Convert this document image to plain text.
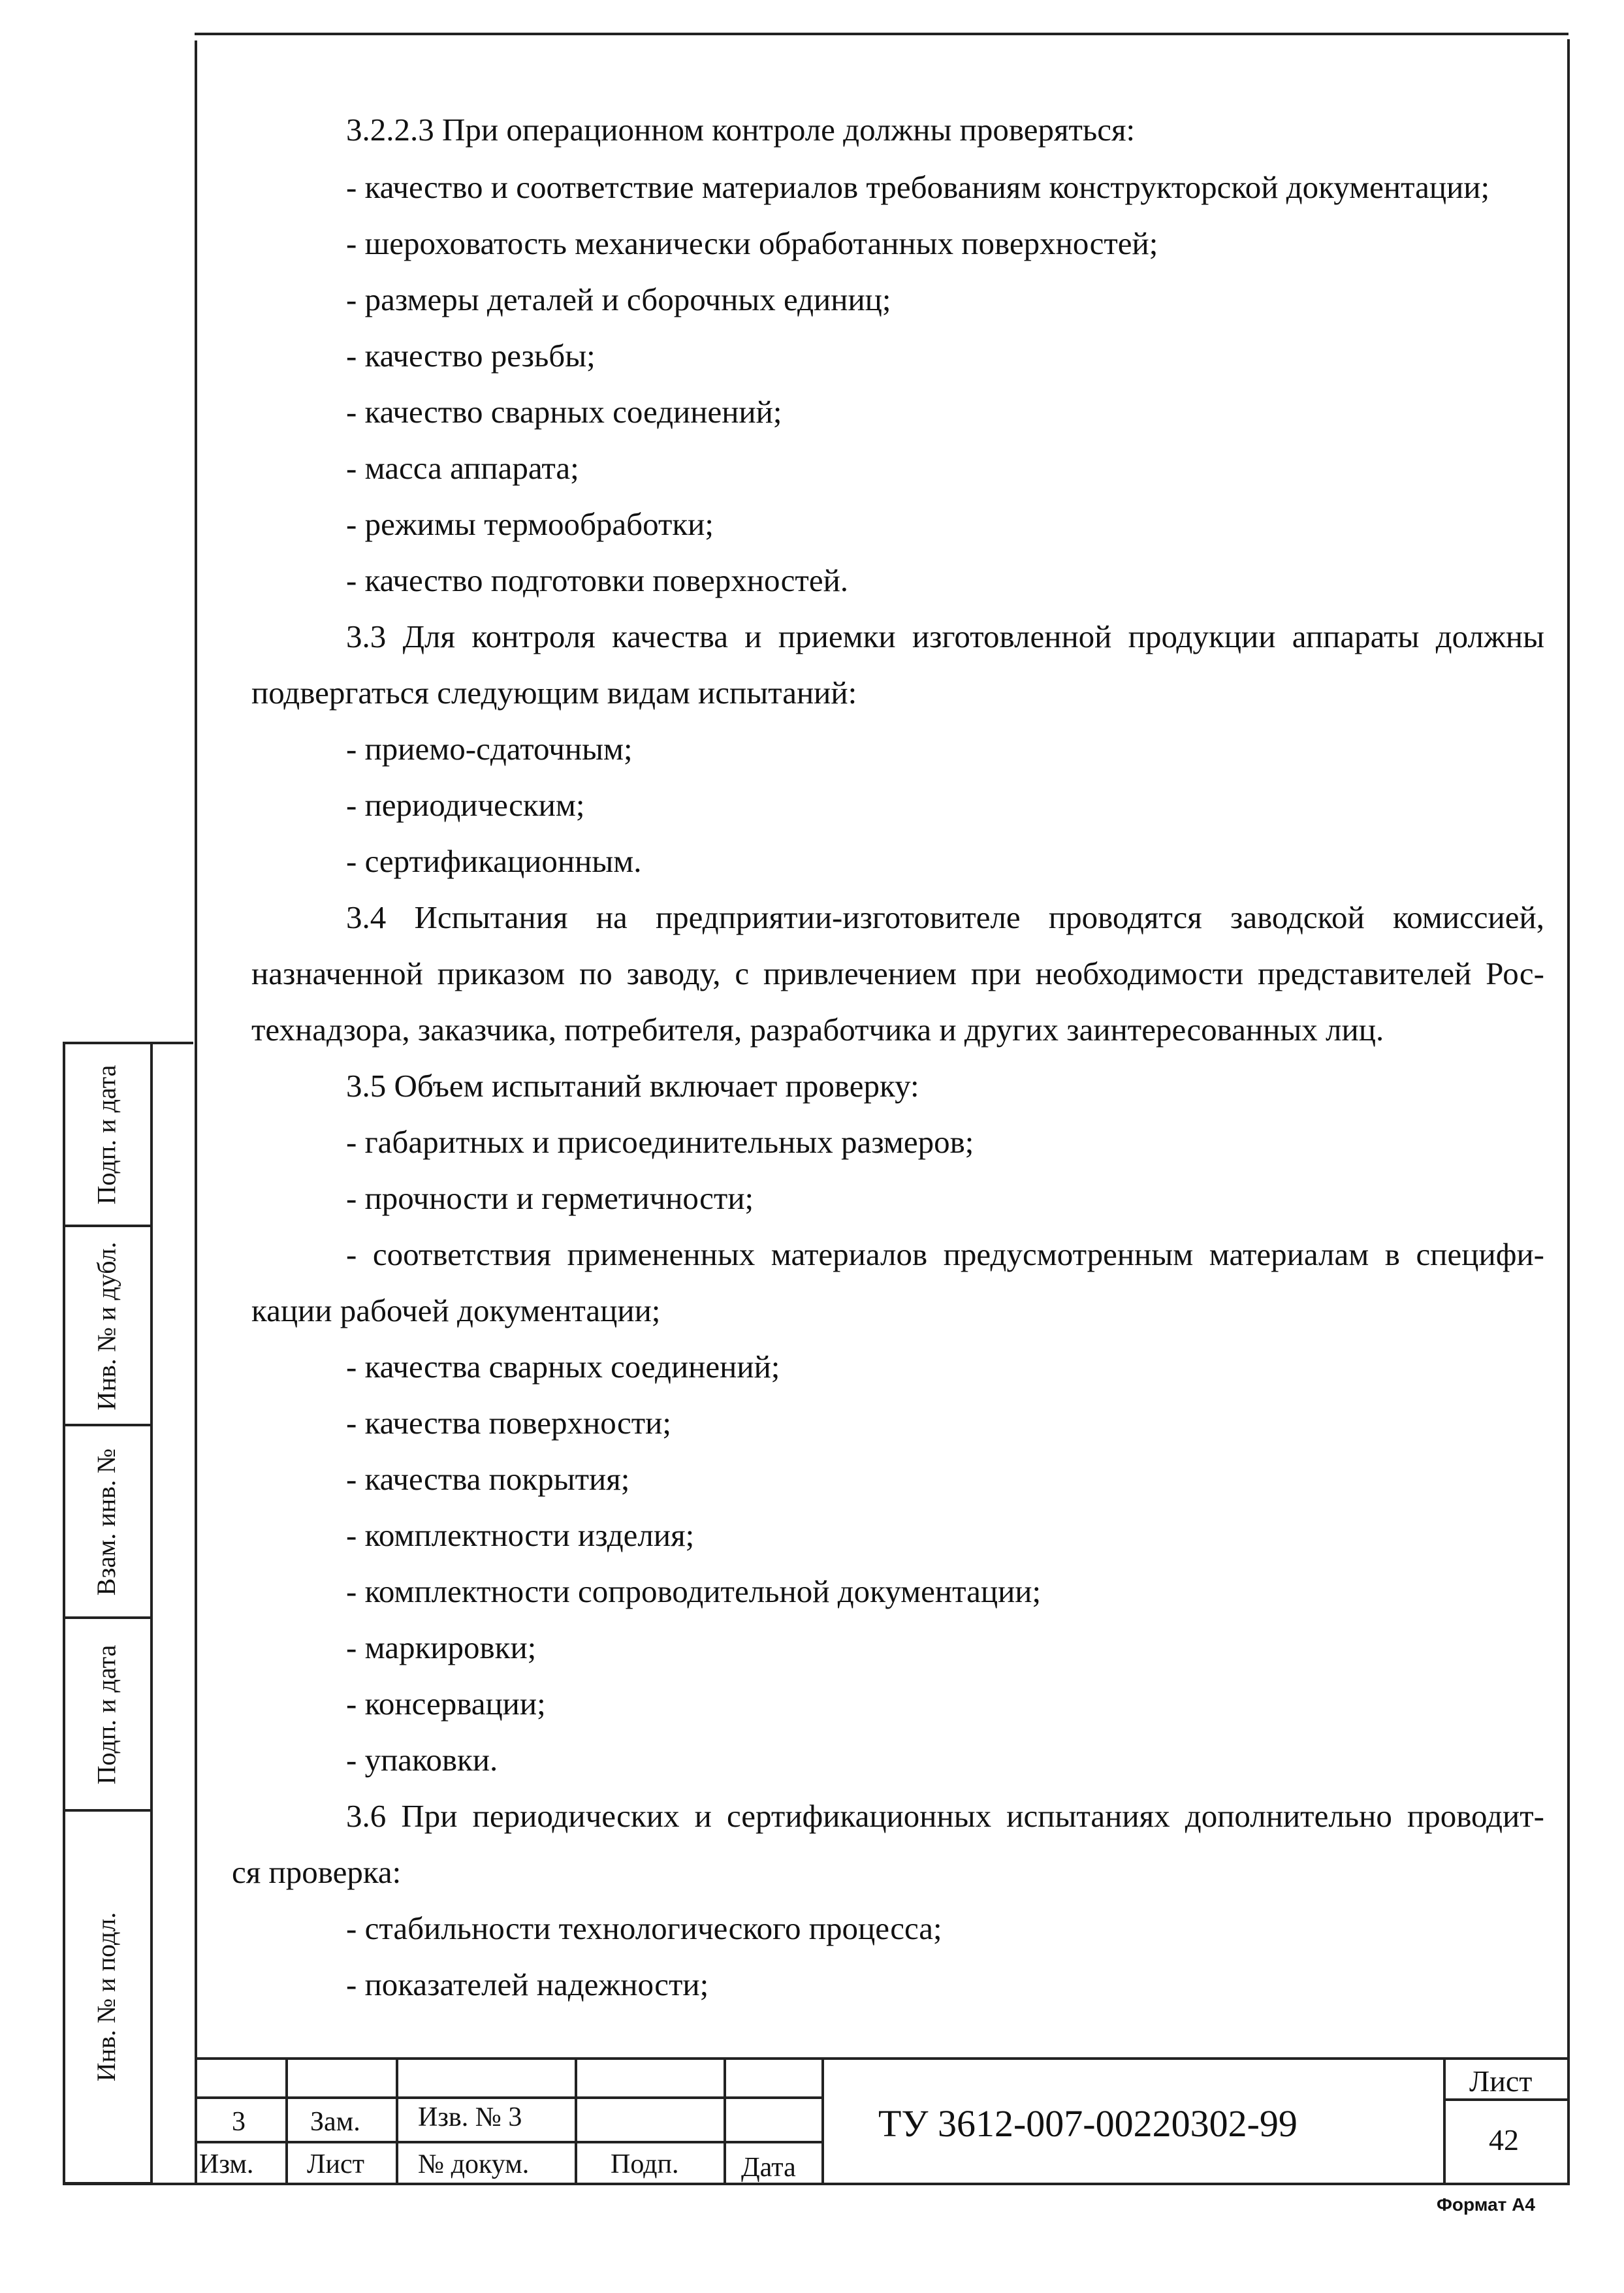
3.2.2.3 При операционном контроле должны проверяться:
- качество и соответствие материалов требованиям конструкторской документации;
- шероховатость механически обработанных поверхностей;
- размеры деталей и сборочных единиц;
- качество резьбы;
- качество сварных соединений;
- масса аппарата;
- режимы термообработки;
- качество подготовки поверхностей.
3.3 Для контроля качества и приемки изготовленной продукции аппараты должны
подвергаться следующим видам испытаний:
- приемо-сдаточным;
- периодическим;
- сертификационным.
3.4 Испытания на предприятии-изготовителе проводятся заводской комиссией,
назначенной приказом по заводу, с привлечением при необходимости представителей Рос-
технадзора, заказчика, потребителя, разработчика и других заинтересованных лиц.
3.5 Объем испытаний включает проверку:
- габаритных и присоединительных размеров;
- прочности и герметичности;
- соответствия примененных материалов предусмотренным материалам в специфи-
кации рабочей документации;
- качества сварных соединений;
- качества поверхности;
- качества покрытия;
- комплектности изделия;
- комплектности сопроводительной документации;
- маркировки;
- консервации;
- упаковки.
3.6 При периодических и сертификационных испытаниях дополнительно проводит-
ся проверка:
- стабильности технологического процесса;
- показателей надежности;
Подп. и дата
Инв. № и дубл.
Взам. инв. №
Подп. и дата
Инв. № и подл.
3 Зам. Изв. № 3
Изм. Лист № докум.	Подп. Дата
ТУ 3612-007-00220302-99
Лист
42
Формат А4
